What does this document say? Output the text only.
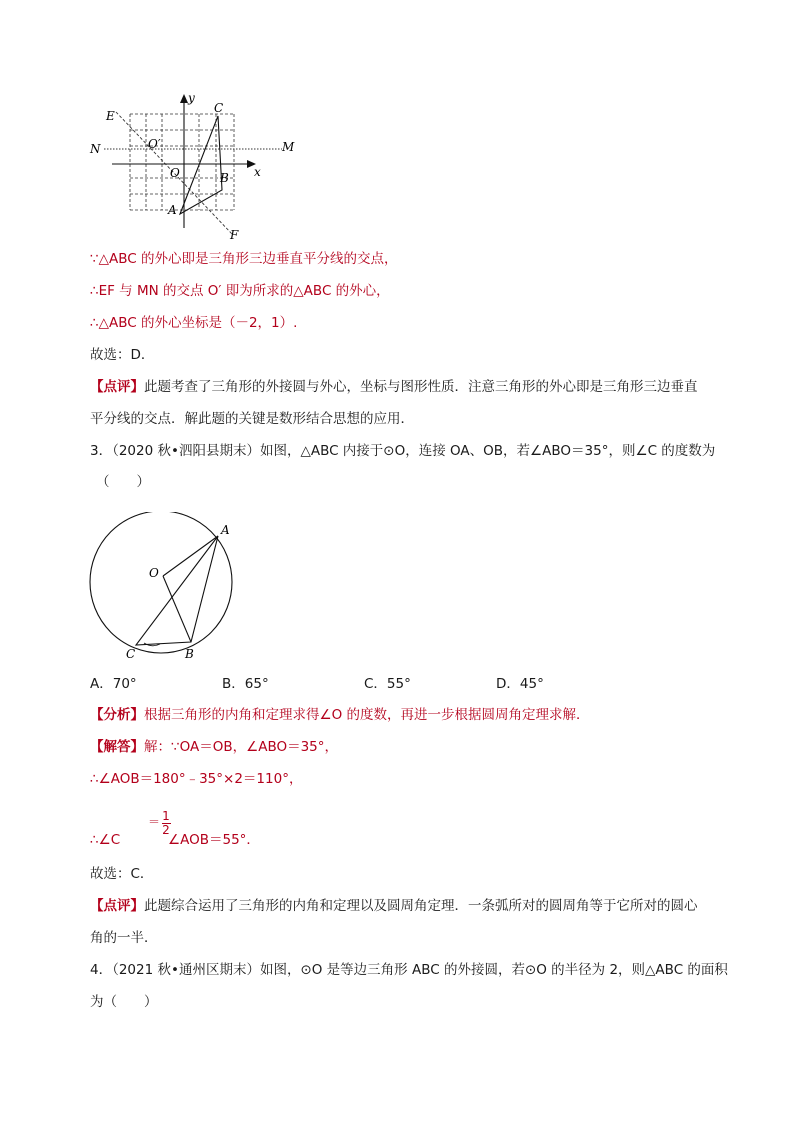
y
x
C
E
N	M
O′
O	B
A
F
∵△ABC 的外心即是三角形三边垂直平分线的交点，
∴EF 与 MN 的交点 O′ 即为所求的△ABC 的外心，
∴△ABC 的外心坐标是（－2，1）.
故选：D．
【点评】此题考查了三角形的外接圆与外心，坐标与图形性质．注意三角形的外心即是三角形三边垂直
平分线的交点．解此题的关键是数形结合思想的应用．
3．（2020 秋•泗阳县期末）如图，△ABC 内接于⊙O，连接 OA、OB，若∠ABO＝35°，则∠C 的度数为
（　　）
A
O
C	B
A．70°	B．65°	C．55°	D．45°
【分析】根据三角形的内角和定理求得∠O 的度数，再进一步根据圆周角定理求解．
【解答】解：∵OA＝OB，∠ABO＝35°，
∴∠AOB＝180°﹣35°×2＝110°，
∴∠C
＝ 1
2
∠AOB＝55°．
故选：C．
【点评】此题综合运用了三角形的内角和定理以及圆周角定理．一条弧所对的圆周角等于它所对的圆心
角的一半．
4．（2021 秋•通州区期末）如图，⊙O 是等边三角形 ABC 的外接圆，若⊙O 的半径为 2，则△ABC 的面积
为（　　）
